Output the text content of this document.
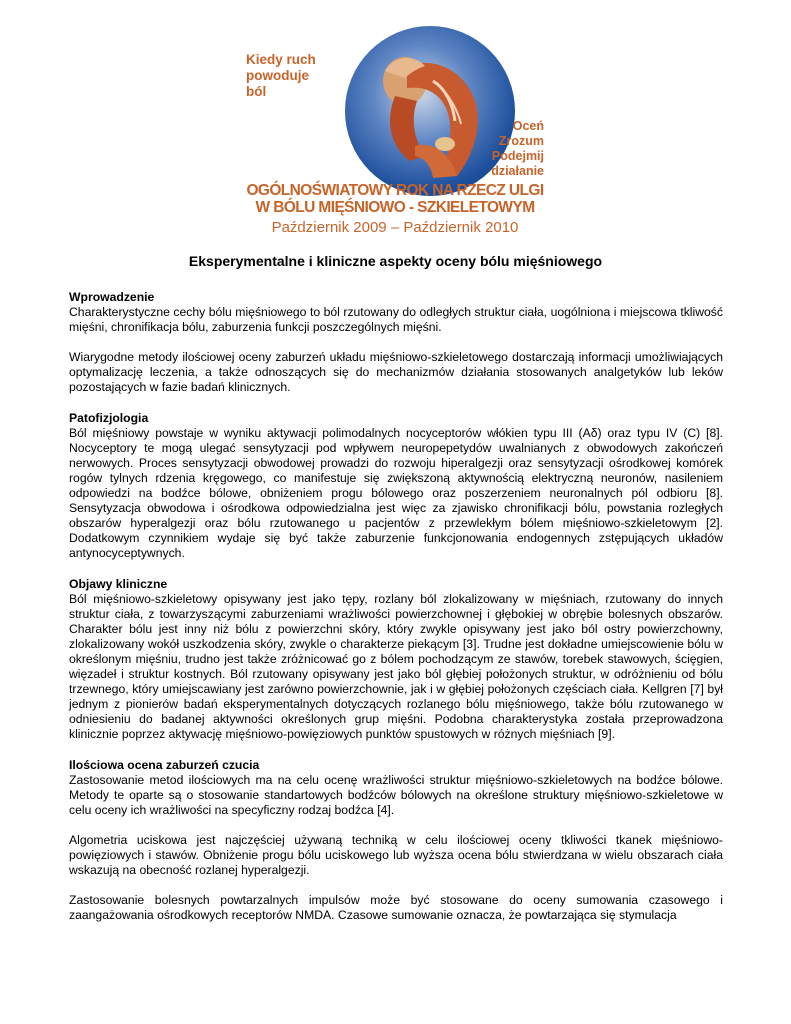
Kiedy ruch
powoduje
ból
Oceń
Zrozum
Podejmij
działanie
OGÓLNOŚWIATOWY ROK NA RZECZ ULGI
W BÓLU MIĘŚNIOWO - SZKIELETOWYM
Październik 2009 – Październik 2010
Eksperymentalne i kliniczne aspekty oceny bólu mięśniowego

Wprowadzenie

Charakterystyczne cechy bólu mięśniowego to ból rzutowany do odległych struktur ciała, uogólniona i miejscowa tkliwość mięśni, chronifikacja bólu, zaburzenia funkcji poszczególnych mięśni.

Wiarygodne metody ilościowej oceny zaburzeń układu mięśniowo-szkieletowego dostarczają informacji umożliwiających optymalizację leczenia, a także odnoszących się do mechanizmów działania stosowanych analgetyków lub leków pozostających w fazie badań klinicznych.

Patofizjologia

Ból mięśniowy powstaje w wyniku aktywacji polimodalnych nocyceptorów włókien typu III (Aδ) oraz typu IV (C) [8]. Nocyceptory te mogą ulegać sensytyzacji pod wpływem neuropepetydów uwalnianych z obwodowych zakończeń nerwowych. Proces sensytyzacji obwodowej prowadzi do rozwoju hiperalgezji oraz sensytyzacji ośrodkowej komórek rogów tylnych rdzenia kręgowego, co manifestuje się zwiększoną aktywnością elektryczną neuronów, nasileniem odpowiedzi na bodźce bólowe, obniżeniem progu bólowego oraz poszerzeniem neuronalnych pól odbioru [8]. Sensytyzacja obwodowa i ośrodkowa odpowiedzialna jest więc za zjawisko chronifikacji bólu, powstania rozległych obszarów hyperalgezji oraz bólu rzutowanego u pacjentów z przewlekłym bólem mięśniowo-szkieletowym [2]. Dodatkowym czynnikiem wydaje się być także zaburzenie funkcjonowania endogennych zstępujących układów antynocyceptywnych.

Objawy kliniczne

Ból mięśniowo-szkieletowy opisywany jest jako tępy, rozlany ból zlokalizowany w mięśniach, rzutowany do innych struktur ciała, z towarzyszącymi zaburzeniami wrażliwości powierzchownej i głębokiej w obrębie bolesnych obszarów. Charakter bólu jest inny niż bólu z powierzchni skóry, który zwykle opisywany jest jako ból ostry powierzchowny, zlokalizowany wokół uszkodzenia skóry, zwykle o charakterze piekącym [3]. Trudne jest dokładne umiejscowienie bólu w określonym mięśniu, trudno jest także zróżnicować go z bólem pochodzącym ze stawów, torebek stawowych, ścięgien, więzadeł i struktur kostnych. Ból rzutowany opisywany jest jako ból głębiej położonych struktur, w odróżnieniu od bólu trzewnego, który umiejscawiany jest zarówno powierzchownie, jak i w głębiej położonych częściach ciała. Kellgren [7] był jednym z pionierów badań eksperymentalnych dotyczących rozlanego bólu mięśniowego, także bólu rzutowanego w odniesieniu do badanej aktywności określonych grup mięśni. Podobna charakterystyka została przeprowadzona klinicznie poprzez aktywację mięśniowo-powięziowych punktów spustowych w różnych mięśniach [9].

Ilościowa ocena zaburzeń czucia

Zastosowanie metod ilościowych ma na celu ocenę wrażliwości struktur mięśniowo-szkieletowych na bodźce bólowe. Metody te oparte są o stosowanie standartowych bodźców bólowych na określone struktury mięśniowo-szkieletowe w celu oceny ich wrażliwości na specyficzny rodzaj bodźca [4].

Algometria uciskowa jest najczęściej używaną techniką w celu ilościowej oceny tkliwości tkanek mięśniowo-powięziowych i stawów. Obniżenie progu bólu uciskowego lub wyższa ocena bólu stwierdzana w wielu obszarach ciała wskazują na obecność rozlanej hyperalgezji.

Zastosowanie bolesnych powtarzalnych impulsów może być stosowane do oceny sumowania czasowego i zaangażowania ośrodkowych receptorów NMDA. Czasowe sumowanie oznacza, że powtarzająca się stymulacja
